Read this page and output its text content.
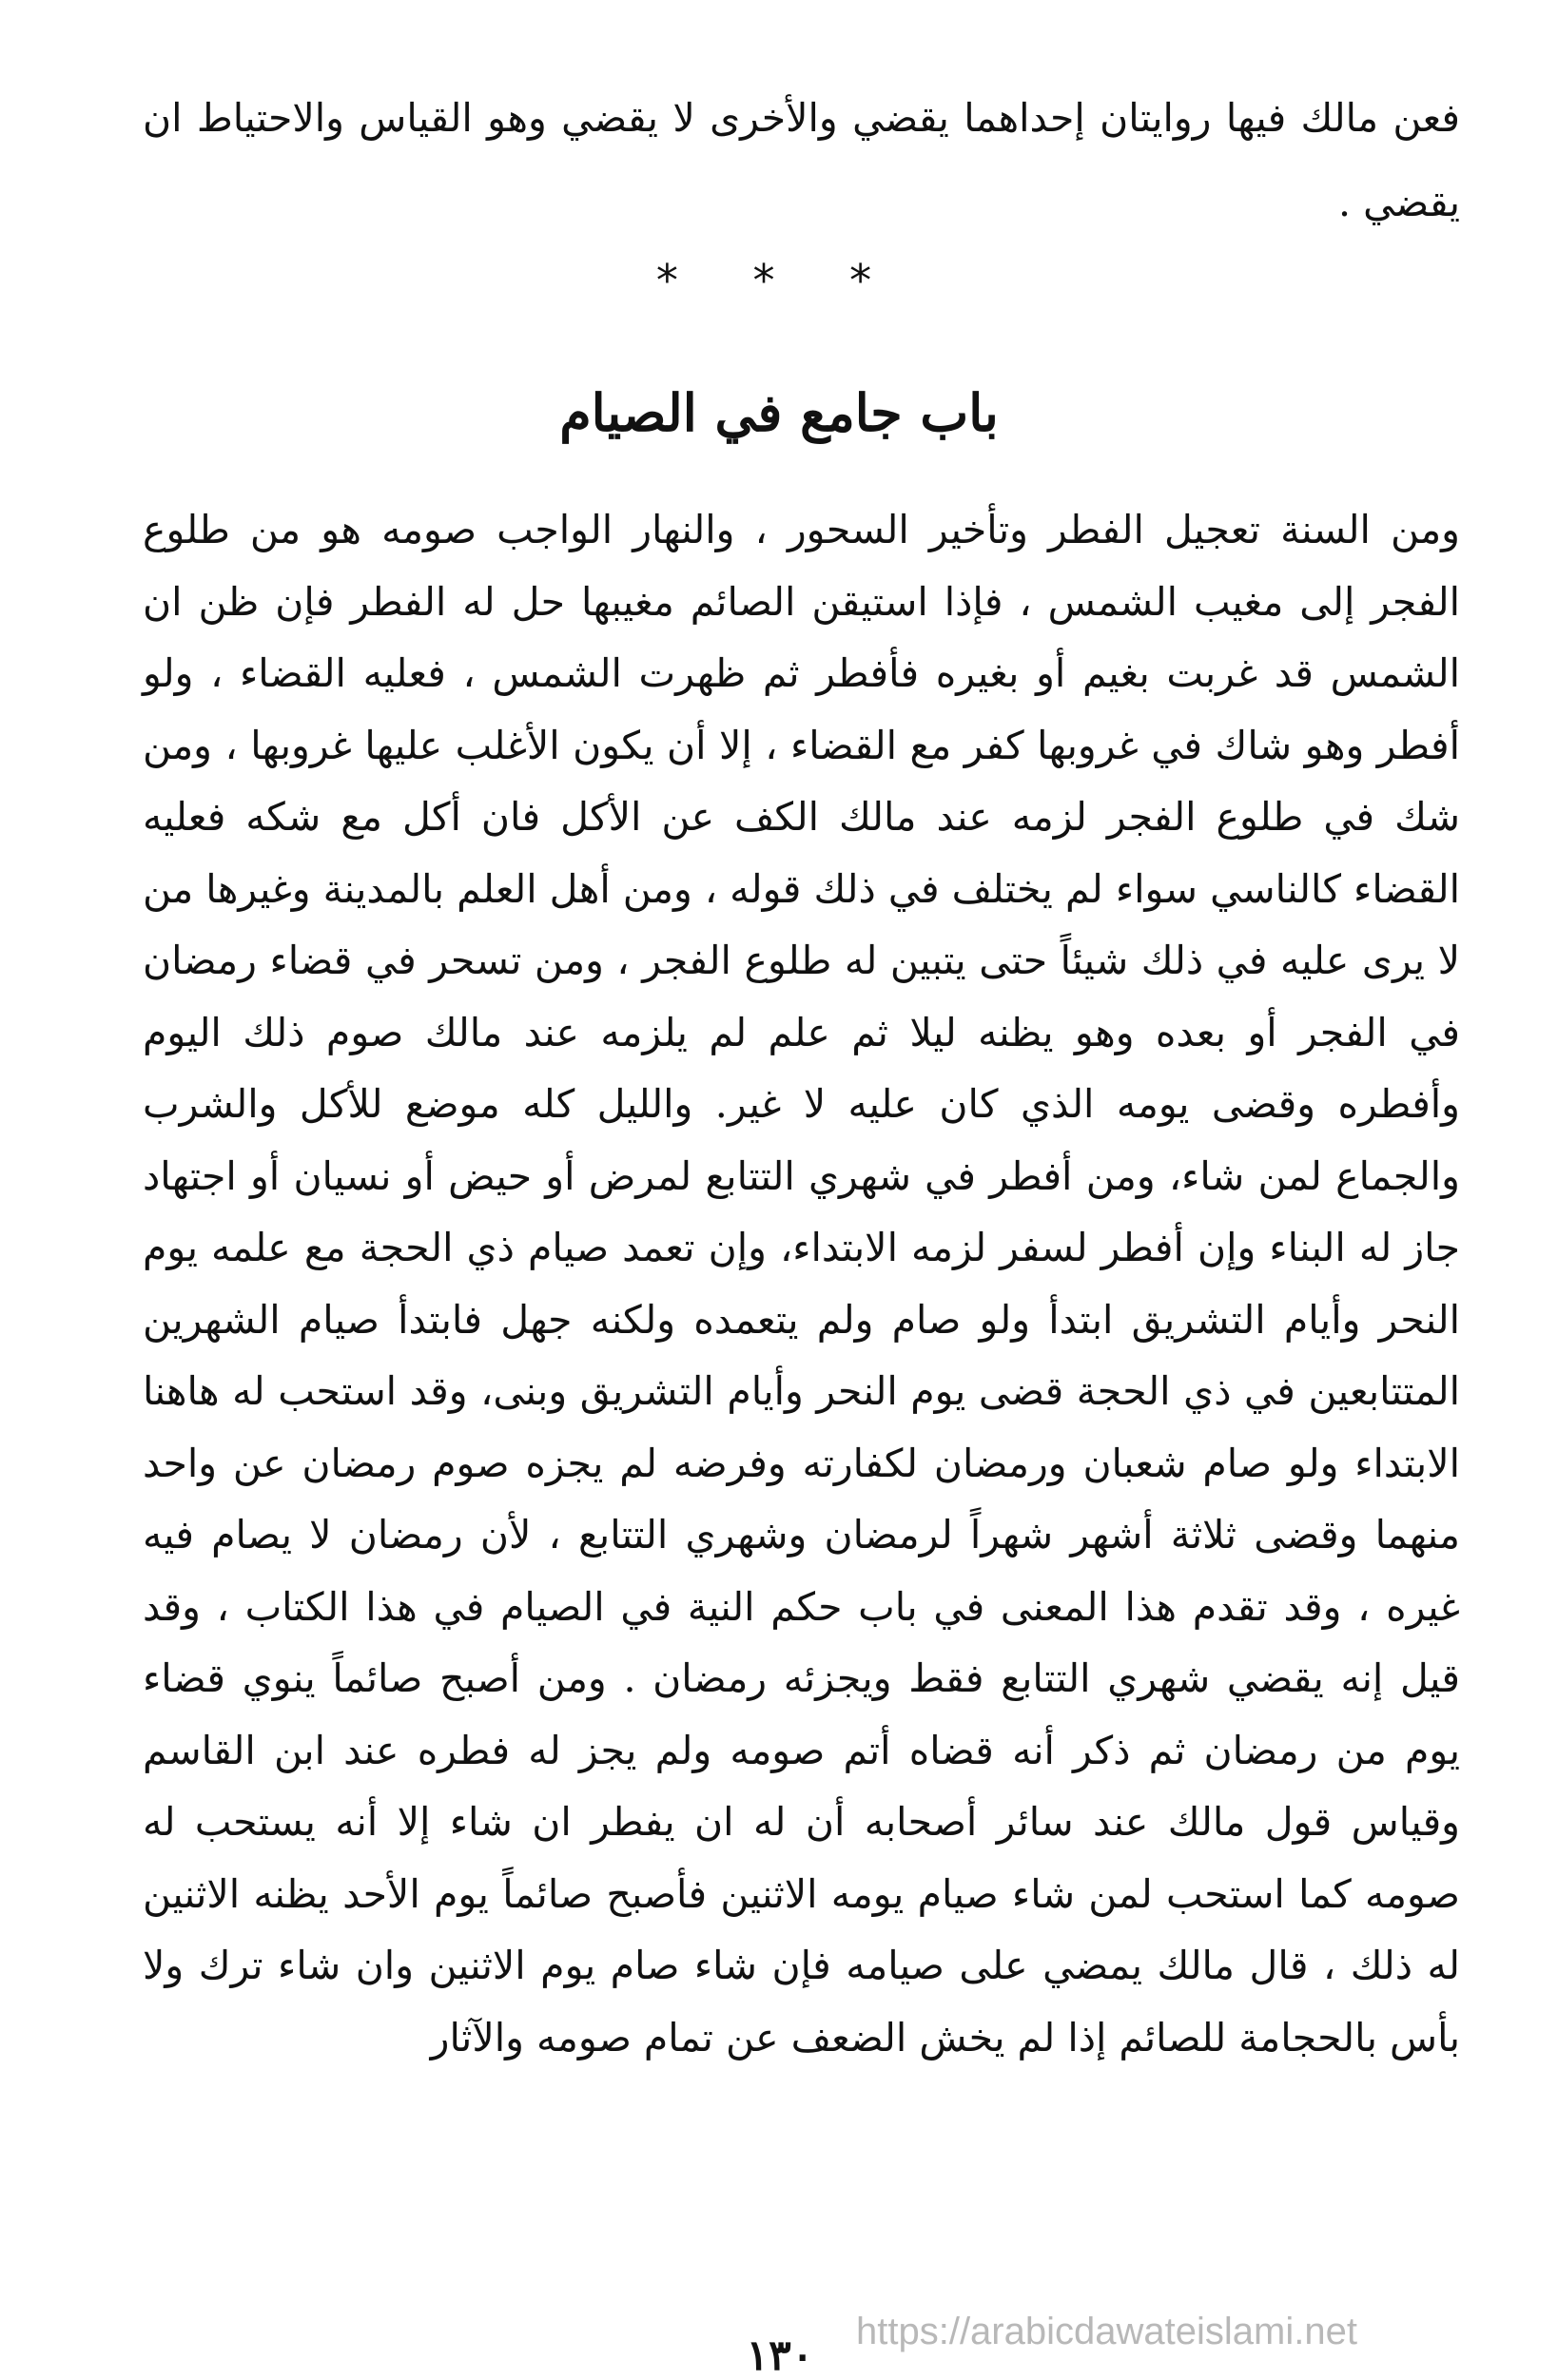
فعن مالك فيها روايتان إحداهما يقضي والأخرى لا يقضي وهو القياس والاحتياط ان يقضي .

* * *
باب جامع في الصيام

ومن السنة تعجيل الفطر وتأخير السحور ، والنهار الواجب صومه هو من طلوع الفجر إلى مغيب الشمس ، فإذا استيقن الصائم مغيبها حل له الفطر فإن ظن ان الشمس قد غربت بغيم أو بغيره فأفطر ثم ظهرت الشمس ، فعليه القضاء ، ولو أفطر وهو شاك في غروبها كفر مع القضاء ، إلا أن يكون الأغلب عليها غروبها ، ومن شك في طلوع الفجر لزمه عند مالك الكف عن الأكل فان أكل مع شكه فعليه القضاء كالناسي سواء لم يختلف في ذلك قوله ، ومن أهل العلم بالمدينة وغيرها من لا يرى عليه في ذلك شيئاً حتى يتبين له طلوع الفجر ، ومن تسحر في قضاء رمضان في الفجر أو بعده وهو يظنه ليلا ثم علم لم يلزمه عند مالك صوم ذلك اليوم وأفطره وقضى يومه الذي كان عليه لا غير. والليل كله موضع للأكل والشرب والجماع لمن شاء، ومن أفطر في شهري التتابع لمرض أو حيض أو نسيان أو اجتهاد جاز له البناء وإن أفطر لسفر لزمه الابتداء، وإن تعمد صيام ذي الحجة مع علمه يوم النحر وأيام التشريق ابتدأ ولو صام ولم يتعمده ولكنه جهل فابتدأ صيام الشهرين المتتابعين في ذي الحجة قضى يوم النحر وأيام التشريق وبنى، وقد استحب له هاهنا الابتداء ولو صام شعبان ورمضان لكفارته وفرضه لم يجزه صوم رمضان عن واحد منهما وقضى ثلاثة أشهر شهراً لرمضان وشهري التتابع ، لأن رمضان لا يصام فيه غيره ، وقد تقدم هذا المعنى في باب حكم النية في الصيام في هذا الكتاب ، وقد قيل إنه يقضي شهري التتابع فقط ويجزئه رمضان . ومن أصبح صائماً ينوي قضاء يوم من رمضان ثم ذكر أنه قضاه أتم صومه ولم يجز له فطره عند ابن القاسم وقياس قول مالك عند سائر أصحابه أن له ان يفطر ان شاء إلا أنه يستحب له صومه كما استحب لمن شاء صيام يومه الاثنين فأصبح صائماً يوم الأحد يظنه الاثنين له ذلك ، قال مالك يمضي على صيامه فإن شاء صام يوم الاثنين وان شاء ترك ولا بأس بالحجامة للصائم إذا لم يخش الضعف عن تمام صومه والآثار

١٣٠	https://arabicdawateislami.net
